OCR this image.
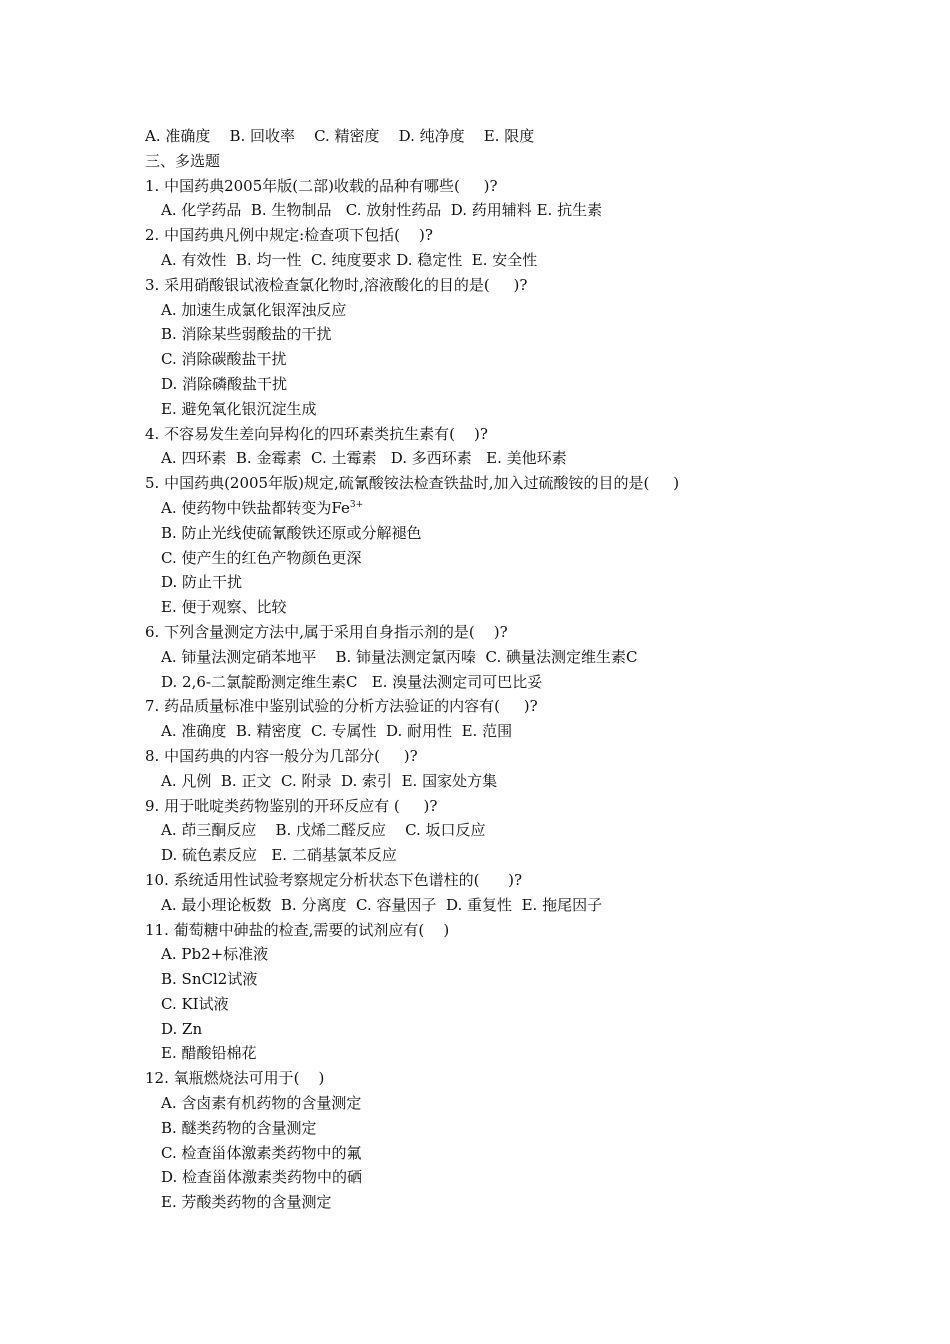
A. 准确度    B. 回收率    C. 精密度    D. 纯净度    E. 限度
三、多选题
1. 中国药典2005年版(二部)收载的品种有哪些(     )?
A. 化学药品  B. 生物制品   C. 放射性药品  D. 药用辅料 E. 抗生素
2. 中国药典凡例中规定:检查项下包括(    )?
A. 有效性  B. 均一性  C. 纯度要求 D. 稳定性  E. 安全性
3. 采用硝酸银试液检查氯化物时,溶液酸化的目的是(     )?
A. 加速生成氯化银浑浊反应
B. 消除某些弱酸盐的干扰
C. 消除碳酸盐干扰
D. 消除磷酸盐干扰
E. 避免氧化银沉淀生成
4. 不容易发生差向异构化的四环素类抗生素有(    )?
A. 四环素  B. 金霉素  C. 土霉素   D. 多西环素   E. 美他环素
5. 中国药典(2005年版)规定,硫氰酸铵法检查铁盐时,加入过硫酸铵的目的是(     )
A. 使药物中铁盐都转变为$Fe^{3+}$
B. 防止光线使硫氰酸铁还原或分解褪色
C. 使产生的红色产物颜色更深
D. 防止干扰
E. 便于观察、比较
6. 下列含量测定方法中,属于采用自身指示剂的是(    )?
A. 铈量法测定硝苯地平    B. 铈量法测定氯丙嗪  C. 碘量法测定维生素C
D. 2,6-二氯靛酚测定维生素C   E. 溴量法测定司可巴比妥
7. 药品质量标准中鉴别试验的分析方法验证的内容有(     )?
A. 准确度  B. 精密度  C. 专属性  D. 耐用性  E. 范围
8. 中国药典的内容一般分为几部分(     )?
A. 凡例  B. 正文  C. 附录  D. 索引  E. 国家处方集
9. 用于吡啶类药物鉴别的开环反应有 (     )?
A. 茚三酮反应    B. 戊烯二醛反应    C. 坂口反应
D. 硫色素反应   E. 二硝基氯苯反应
10. 系统适用性试验考察规定分析状态下色谱柱的(      )?
A. 最小理论板数  B. 分离度  C. 容量因子  D. 重复性  E. 拖尾因子
11. 葡萄糖中砷盐的检查,需要的试剂应有(    )
A. Pb2+标准液
B. SnCl2试液
C. KI试液
D. Zn
E. 醋酸铅棉花
12. 氧瓶燃烧法可用于(    )
A. 含卤素有机药物的含量测定
B. 醚类药物的含量测定
C. 检查甾体激素类药物中的氟
D. 检查甾体激素类药物中的硒
E. 芳酸类药物的含量测定
